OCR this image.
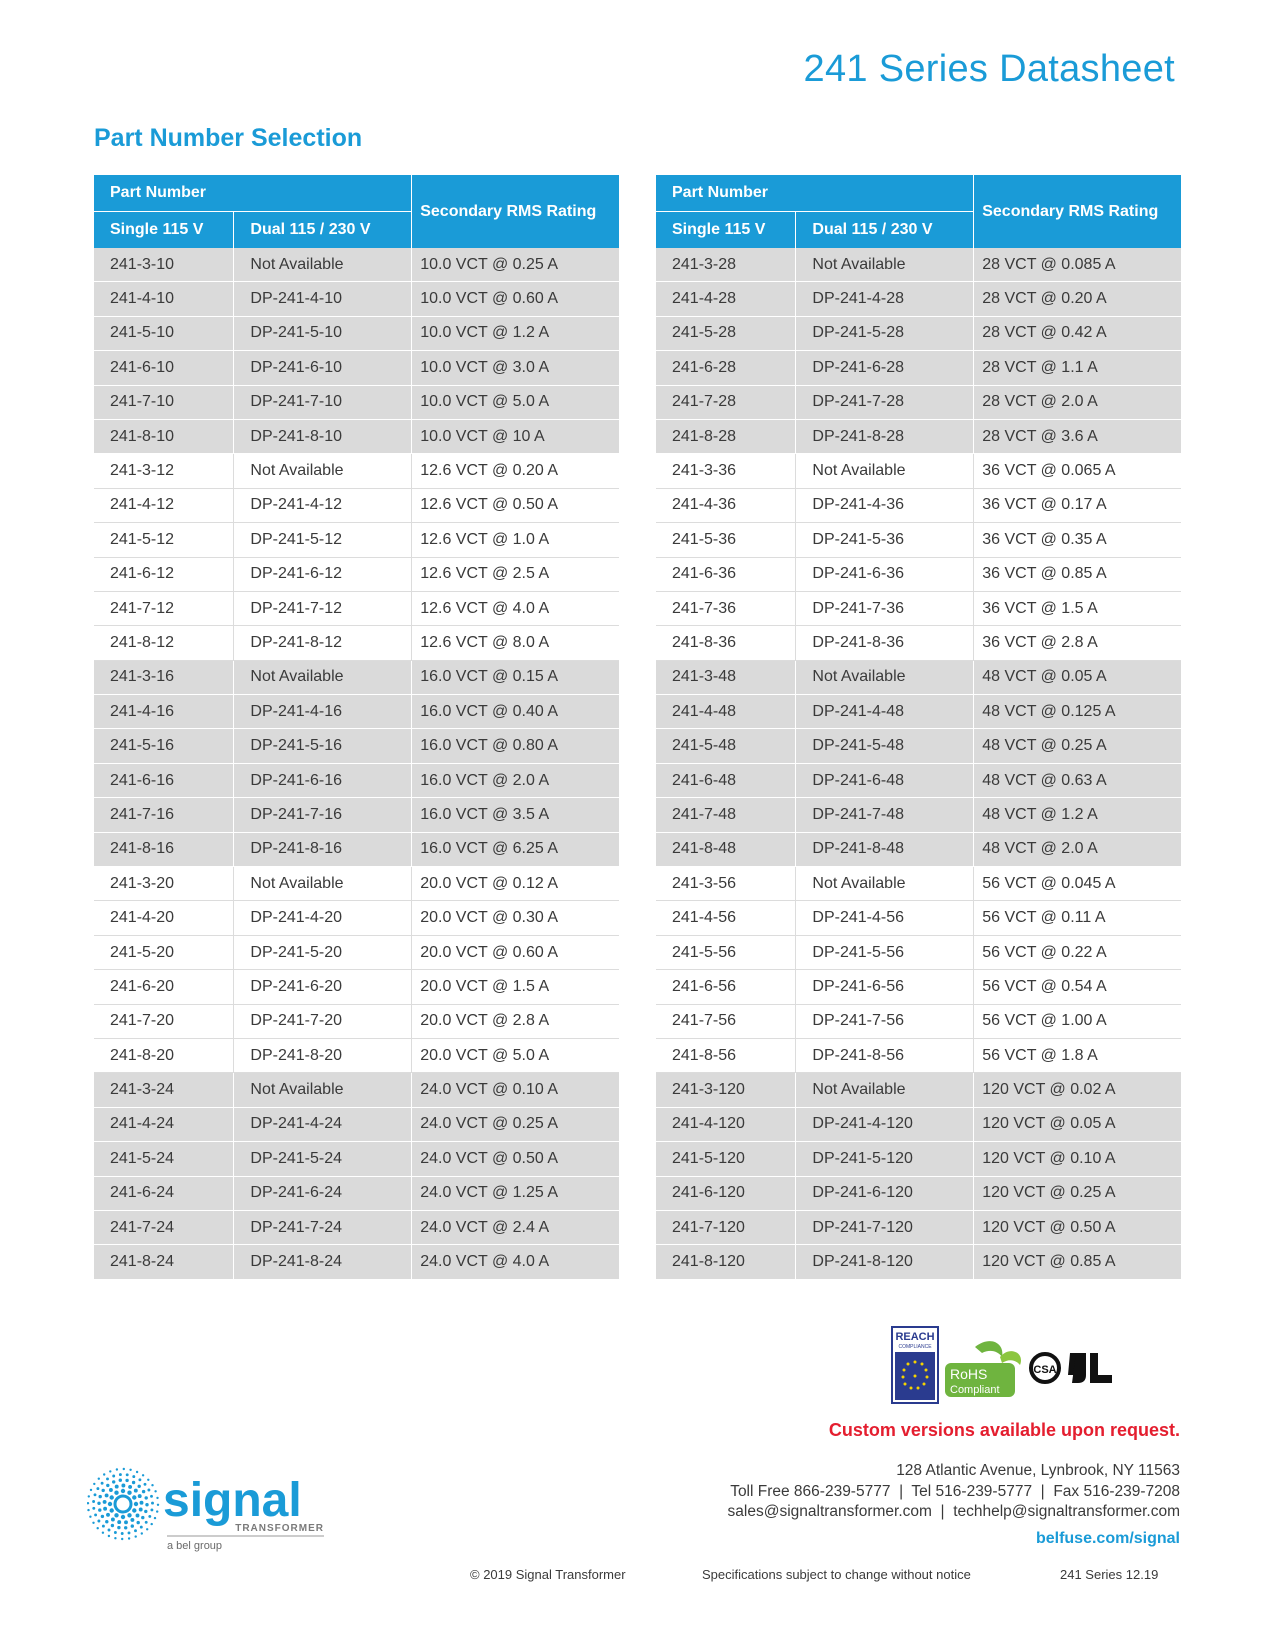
241 Series Datasheet
Part Number Selection
Part Number		Secondary RMS Rating
Single 115 V	Dual 115 / 230 V	
241-3-10	Not Available	10.0 VCT @ 0.25 A
241-4-10	DP-241-4-10	10.0 VCT @ 0.60 A
241-5-10	DP-241-5-10	10.0 VCT @ 1.2 A
241-6-10	DP-241-6-10	10.0 VCT @ 3.0 A
241-7-10	DP-241-7-10	10.0 VCT @ 5.0 A
241-8-10	DP-241-8-10	10.0 VCT @ 10 A
241-3-12	Not Available	12.6 VCT @ 0.20 A
241-4-12	DP-241-4-12	12.6 VCT @ 0.50 A
241-5-12	DP-241-5-12	12.6 VCT @ 1.0 A
241-6-12	DP-241-6-12	12.6 VCT @ 2.5 A
241-7-12	DP-241-7-12	12.6 VCT @ 4.0 A
241-8-12	DP-241-8-12	12.6 VCT @ 8.0 A
241-3-16	Not Available	16.0 VCT @ 0.15 A
241-4-16	DP-241-4-16	16.0 VCT @ 0.40 A
241-5-16	DP-241-5-16	16.0 VCT @ 0.80 A
241-6-16	DP-241-6-16	16.0 VCT @ 2.0 A
241-7-16	DP-241-7-16	16.0 VCT @ 3.5 A
241-8-16	DP-241-8-16	16.0 VCT @ 6.25 A
241-3-20	Not Available	20.0 VCT @ 0.12 A
241-4-20	DP-241-4-20	20.0 VCT @ 0.30 A
241-5-20	DP-241-5-20	20.0 VCT @ 0.60 A
241-6-20	DP-241-6-20	20.0 VCT @ 1.5 A
241-7-20	DP-241-7-20	20.0 VCT @ 2.8 A
241-8-20	DP-241-8-20	20.0 VCT @ 5.0 A
241-3-24	Not Available	24.0 VCT @ 0.10 A
241-4-24	DP-241-4-24	24.0 VCT @ 0.25 A
241-5-24	DP-241-5-24	24.0 VCT @ 0.50 A
241-6-24	DP-241-6-24	24.0 VCT @ 1.25 A
241-7-24	DP-241-7-24	24.0 VCT @ 2.4 A
241-8-24	DP-241-8-24	24.0 VCT @ 4.0 A
Part Number		Secondary RMS Rating
Single 115 V	Dual 115 / 230 V	
241-3-28	Not Available	28 VCT @ 0.085 A
241-4-28	DP-241-4-28	28 VCT @ 0.20 A
241-5-28	DP-241-5-28	28 VCT @ 0.42 A
241-6-28	DP-241-6-28	28 VCT @ 1.1 A
241-7-28	DP-241-7-28	28 VCT @ 2.0 A
241-8-28	DP-241-8-28	28 VCT @ 3.6 A
241-3-36	Not Available	36 VCT @ 0.065 A
241-4-36	DP-241-4-36	36 VCT @ 0.17 A
241-5-36	DP-241-5-36	36 VCT @ 0.35 A
241-6-36	DP-241-6-36	36 VCT @ 0.85 A
241-7-36	DP-241-7-36	36 VCT @ 1.5 A
241-8-36	DP-241-8-36	36 VCT @ 2.8 A
241-3-48	Not Available	48 VCT @ 0.05 A
241-4-48	DP-241-4-48	48 VCT @ 0.125 A
241-5-48	DP-241-5-48	48 VCT @ 0.25 A
241-6-48	DP-241-6-48	48 VCT @ 0.63 A
241-7-48	DP-241-7-48	48 VCT @ 1.2 A
241-8-48	DP-241-8-48	48 VCT @ 2.0 A
241-3-56	Not Available	56 VCT @ 0.045 A
241-4-56	DP-241-4-56	56 VCT @ 0.11 A
241-5-56	DP-241-5-56	56 VCT @ 0.22 A
241-6-56	DP-241-6-56	56 VCT @ 0.54 A
241-7-56	DP-241-7-56	56 VCT @ 1.00 A
241-8-56	DP-241-8-56	56 VCT @ 1.8 A
241-3-120	Not Available	120 VCT @ 0.02 A
241-4-120	DP-241-4-120	120 VCT @ 0.05 A
241-5-120	DP-241-5-120	120 VCT @ 0.10 A
241-6-120	DP-241-6-120	120 VCT @ 0.25 A
241-7-120	DP-241-7-120	120 VCT @ 0.50 A
241-8-120	DP-241-8-120	120 VCT @ 0.85 A
REACH
COMPLIANCE
RoHS
Compliant
CSA
UL
Custom versions available upon request.
128 Atlantic Avenue, Lynbrook, NY 11563
Toll Free 866-239-5777  |  Tel 516-239-5777  |  Fax 516-239-7208
sales@signaltransformer.com  |  techhelp@signaltransformer.com
belfuse.com/signal
signal
TRANSFORMER
a bel group
© 2019 Signal Transformer	Specifications subject to change without notice	241 Series 12.19
